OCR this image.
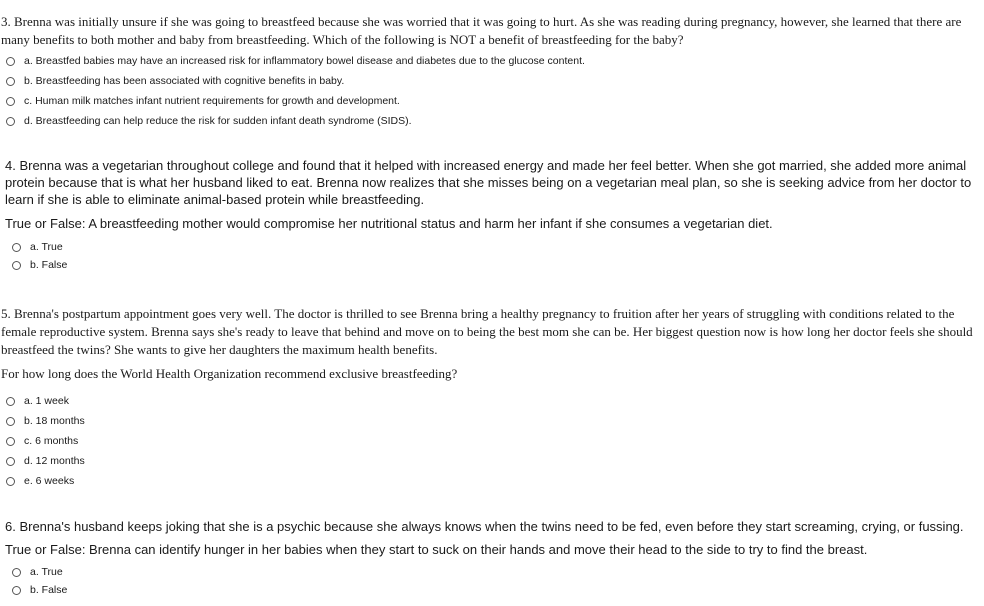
3. Brenna was initially unsure if she was going to breastfeed because she was worried that it was going to hurt. As she was reading during pregnancy, however, she learned that there are many benefits to both mother and baby from breastfeeding. Which of the following is NOT a benefit of breastfeeding for the baby?

a. Breastfed babies may have an increased risk for inflammatory bowel disease and diabetes due to the glucose content.
b. Breastfeeding has been associated with cognitive benefits in baby.
c. Human milk matches infant nutrient requirements for growth and development.
d. Breastfeeding can help reduce the risk for sudden infant death syndrome (SIDS).

4. Brenna was a vegetarian throughout college and found that it helped with increased energy and made her feel better. When she got married, she added more animal protein because that is what her husband liked to eat. Brenna now realizes that she misses being on a vegetarian meal plan, so she is seeking advice from her doctor to learn if she is able to eliminate animal-based protein while breastfeeding.

True or False: A breastfeeding mother would compromise her nutritional status and harm her infant if she consumes a vegetarian diet.

a. True
b. False

5. Brenna's postpartum appointment goes very well. The doctor is thrilled to see Brenna bring a healthy pregnancy to fruition after her years of struggling with conditions related to the female reproductive system. Brenna says she's ready to leave that behind and move on to being the best mom she can be. Her biggest question now is how long her doctor feels she should breastfeed the twins? She wants to give her daughters the maximum health benefits.

For how long does the World Health Organization recommend exclusive breastfeeding?

a. 1 week
b. 18 months
c. 6 months
d. 12 months
e. 6 weeks

6. Brenna's husband keeps joking that she is a psychic because she always knows when the twins need to be fed, even before they start screaming, crying, or fussing.

True or False: Brenna can identify hunger in her babies when they start to suck on their hands and move their head to the side to try to find the breast.

a. True
b. False
